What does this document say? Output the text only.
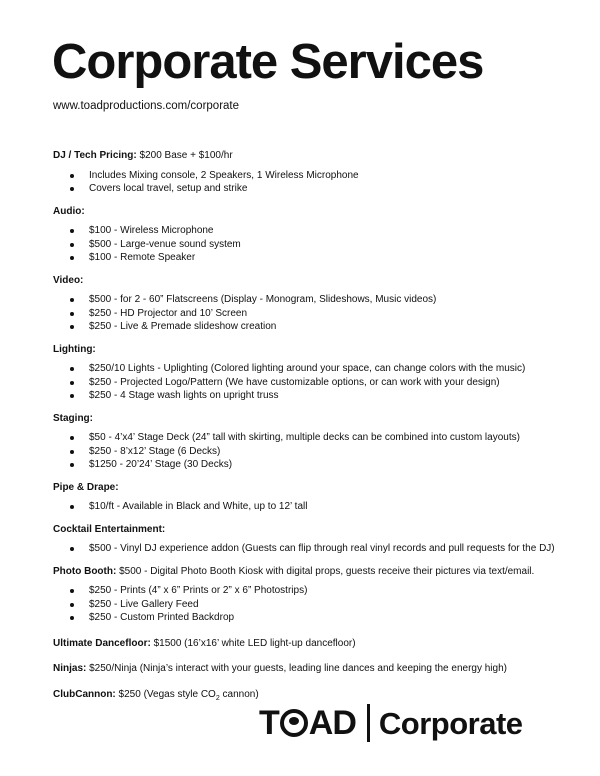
Corporate Services
www.toadproductions.com/corporate

DJ / Tech Pricing: $200 Base + $100/hr

Includes Mixing console, 2 Speakers, 1 Wireless Microphone
Covers local travel, setup and strike

Audio:

$100 - Wireless Microphone
$500 - Large-venue sound system
$100 - Remote Speaker

Video:

$500 - for 2 - 60” Flatscreens (Display - Monogram, Slideshows, Music videos)
$250 - HD Projector and 10’ Screen
$250 - Live & Premade slideshow creation

Lighting:

$250/10 Lights - Uplighting (Colored lighting around your space, can change colors with the music)
$250 - Projected Logo/Pattern (We have customizable options, or can work with your design)
$250 - 4 Stage wash lights on upright truss

Staging:

$50 - 4’x4’ Stage Deck (24” tall with skirting, multiple decks can be combined into custom layouts)
$250 - 8’x12’ Stage (6 Decks)
$1250 - 20’24’ Stage (30 Decks)

Pipe & Drape:

$10/ft - Available in Black and White, up to 12’ tall

Cocktail Entertainment:

$500 - Vinyl DJ experience addon (Guests can flip through real vinyl records and pull requests for the DJ)

Photo Booth: $500 - Digital Photo Booth Kiosk with digital props, guests receive their pictures via text/email.

$250 - Prints (4” x 6” Prints or 2” x 6” Photostrips)
$250 - Live Gallery Feed
$250 - Custom Printed Backdrop

Ultimate Dancefloor: $1500 (16’x16’ white LED light-up dancefloor)

Ninjas: $250/Ninja (Ninja’s interact with your guests, leading line dances and keeping the energy high)

ClubCannon: $250 (Vegas style $CO_2$ cannon)

T AD Corporate
